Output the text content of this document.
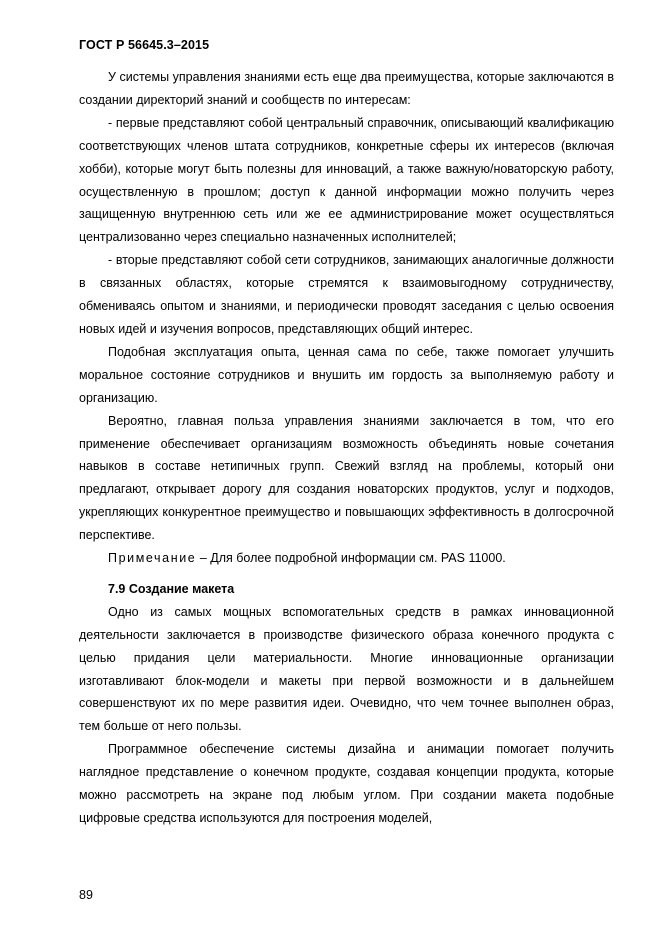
ГОСТ Р 56645.3–2015

У системы управления знаниями есть еще два преимущества, которые заключаются в создании директорий знаний и сообществ по интересам:

- первые представляют собой центральный справочник, описывающий квалификацию соответствующих членов штата сотрудников, конкретные сферы их интересов (включая хобби), которые могут быть полезны для инноваций, а также важную/новаторскую работу, осуществленную в прошлом; доступ к данной информации можно получить через защищенную внутреннюю сеть или же ее администрирование может осуществляться централизованно через специально назначенных исполнителей;

- вторые представляют собой сети сотрудников, занимающих аналогичные должности в связанных областях, которые стремятся к взаимовыгодному сотрудничеству, обмениваясь опытом и знаниями, и периодически проводят заседания с целью освоения новых идей и изучения вопросов, представляющих общий интерес.

Подобная эксплуатация опыта, ценная сама по себе, также помогает улучшить моральное состояние сотрудников и внушить им гордость за выполняемую работу и организацию.

Вероятно, главная польза управления знаниями заключается в том, что его применение обеспечивает организациям возможность объединять новые сочетания навыков в составе нетипичных групп. Свежий взгляд на проблемы, который они предлагают, открывает дорогу для создания новаторских продуктов, услуг и подходов, укрепляющих конкурентное преимущество и повышающих эффективность в долгосрочной перспективе.

Примечание – Для более подробной информации см. PAS 11000.
7.9 Создание макета

Одно из самых мощных вспомогательных средств в рамках инновационной деятельности заключается в производстве физического образа конечного продукта с целью придания цели материальности. Многие инновационные организации изготавливают блок-модели и макеты при первой возможности и в дальнейшем совершенствуют их по мере развития идеи. Очевидно, что чем точнее выполнен образ, тем больше от него пользы.

Программное обеспечение системы дизайна и анимации помогает получить наглядное представление о конечном продукте, создавая концепции продукта, которые можно рассмотреть на экране под любым углом. При создании макета подобные цифровые средства используются для построения моделей,

89
